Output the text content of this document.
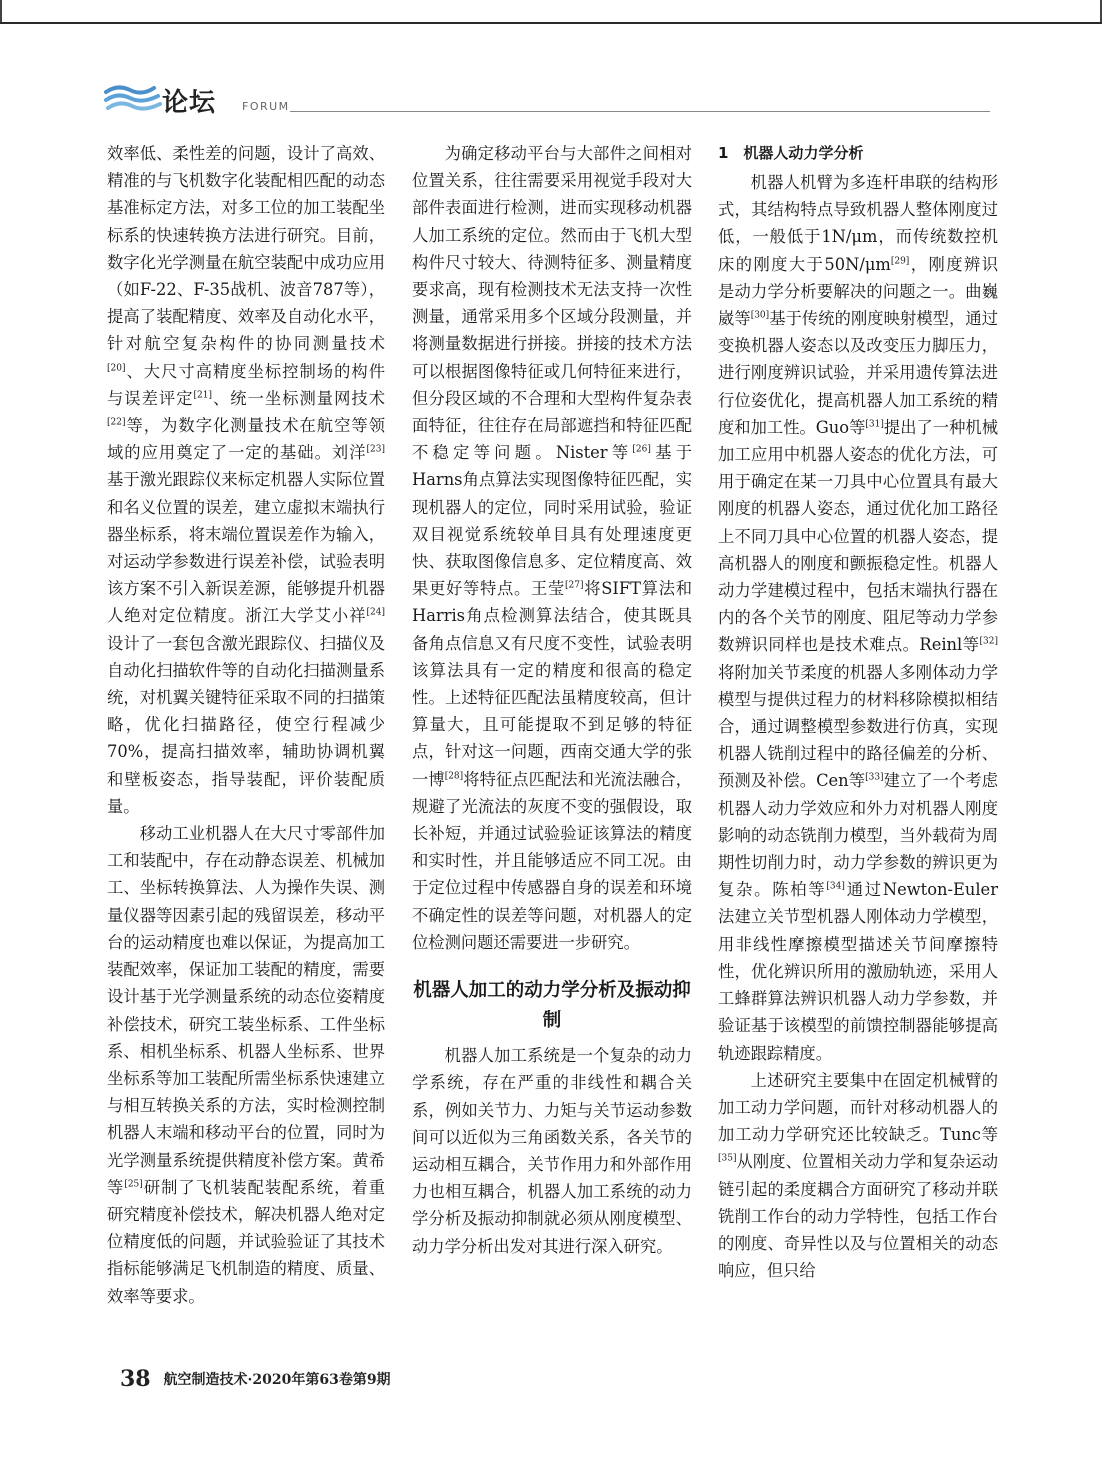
论坛 FORUM

效率低、柔性差的问题，设计了高效、精准的与飞机数字化装配相匹配的动态基准标定方法，对多工位的加工装配坐标系的快速转换方法进行研究。目前，数字化光学测量在航空装配中成功应用（如F-22、F-35战机、波音787等），提高了装配精度、效率及自动化水平，针对航空复杂构件的协同测量技术[20]、大尺寸高精度坐标控制场的构件与误差评定[21]、统一坐标测量网技术[22]等，为数字化测量技术在航空等领域的应用奠定了一定的基础。刘洋[23]基于激光跟踪仪来标定机器人实际位置和名义位置的误差，建立虚拟末端执行器坐标系，将末端位置误差作为输入，对运动学参数进行误差补偿，试验表明该方案不引入新误差源，能够提升机器人绝对定位精度。浙江大学艾小祥[24]设计了一套包含激光跟踪仪、扫描仪及自动化扫描软件等的自动化扫描测量系统，对机翼关键特征采取不同的扫描策略，优化扫描路径，使空行程减少70%，提高扫描效率，辅助协调机翼和壁板姿态，指导装配，评价装配质量。

移动工业机器人在大尺寸零部件加工和装配中，存在动静态误差、机械加工、坐标转换算法、人为操作失误、测量仪器等因素引起的残留误差，移动平台的运动精度也难以保证，为提高加工装配效率，保证加工装配的精度，需要设计基于光学测量系统的动态位姿精度补偿技术，研究工装坐标系、工件坐标系、相机坐标系、机器人坐标系、世界坐标系等加工装配所需坐标系快速建立与相互转换关系的方法，实时检测控制机器人末端和移动平台的位置，同时为光学测量系统提供精度补偿方案。黄希等[25]研制了飞机装配装配系统，着重研究精度补偿技术，解决机器人绝对定位精度低的问题，并试验验证了其技术指标能够满足飞机制造的精度、质量、效率等要求。

为确定移动平台与大部件之间相对位置关系，往往需要采用视觉手段对大部件表面进行检测，进而实现移动机器人加工系统的定位。然而由于飞机大型构件尺寸较大、待测特征多、测量精度要求高，现有检测技术无法支持一次性测量，通常采用多个区域分段测量，并将测量数据进行拼接。拼接的技术方法可以根据图像特征或几何特征来进行，但分段区域的不合理和大型构件复杂表面特征，往往存在局部遮挡和特征匹配不稳定等问题。Nister等[26]基于Harns角点算法实现图像特征匹配，实现机器人的定位，同时采用试验，验证双目视觉系统较单目具有处理速度更快、获取图像信息多、定位精度高、效果更好等特点。王莹[27]将SIFT算法和Harris角点检测算法结合，使其既具备角点信息又有尺度不变性，试验表明该算法具有一定的精度和很高的稳定性。上述特征匹配法虽精度较高，但计算量大，且可能提取不到足够的特征点，针对这一问题，西南交通大学的张一博[28]将特征点匹配法和光流法融合，规避了光流法的灰度不变的强假设，取长补短，并通过试验验证该算法的精度和实时性，并且能够适应不同工况。由于定位过程中传感器自身的误差和环境不确定性的误差等问题，对机器人的定位检测问题还需要进一步研究。

机器人加工的动力学分析及振动抑制

机器人加工系统是一个复杂的动力学系统，存在严重的非线性和耦合关系，例如关节力、力矩与关节运动参数间可以近似为三角函数关系，各关节的运动相互耦合，关节作用力和外部作用力也相互耦合，机器人加工系统的动力学分析及振动抑制就必须从刚度模型、动力学分析出发对其进行深入研究。

1　机器人动力学分析

机器人机臂为多连杆串联的结构形式，其结构特点导致机器人整体刚度过低，一般低于1N/μm，而传统数控机床的刚度大于50N/μm[29]，刚度辨识是动力学分析要解决的问题之一。曲巍崴等[30]基于传统的刚度映射模型，通过变换机器人姿态以及改变压力脚压力，进行刚度辨识试验，并采用遗传算法进行位姿优化，提高机器人加工系统的精度和加工性。Guo等[31]提出了一种机械加工应用中机器人姿态的优化方法，可用于确定在某一刀具中心位置具有最大刚度的机器人姿态，通过优化加工路径上不同刀具中心位置的机器人姿态，提高机器人的刚度和颤振稳定性。机器人动力学建模过程中，包括末端执行器在内的各个关节的刚度、阻尼等动力学参数辨识同样也是技术难点。Reinl等[32]将附加关节柔度的机器人多刚体动力学模型与提供过程力的材料移除模拟相结合，通过调整模型参数进行仿真，实现机器人铣削过程中的路径偏差的分析、预测及补偿。Cen等[33]建立了一个考虑机器人动力学效应和外力对机器人刚度影响的动态铣削力模型，当外载荷为周期性切削力时，动力学参数的辨识更为复杂。陈柏等[34]通过Newton-Euler法建立关节型机器人刚体动力学模型，用非线性摩擦模型描述关节间摩擦特性，优化辨识所用的激励轨迹，采用人工蜂群算法辨识机器人动力学参数，并验证基于该模型的前馈控制器能够提高轨迹跟踪精度。

上述研究主要集中在固定机械臂的加工动力学问题，而针对移动机器人的加工动力学研究还比较缺乏。Tunc等[35]从刚度、位置相关动力学和复杂运动链引起的柔度耦合方面研究了移动并联铣削工作台的动力学特性，包括工作台的刚度、奇异性以及与位置相关的动态响应，但只给

38 航空制造技术·2020年第63卷第9期
